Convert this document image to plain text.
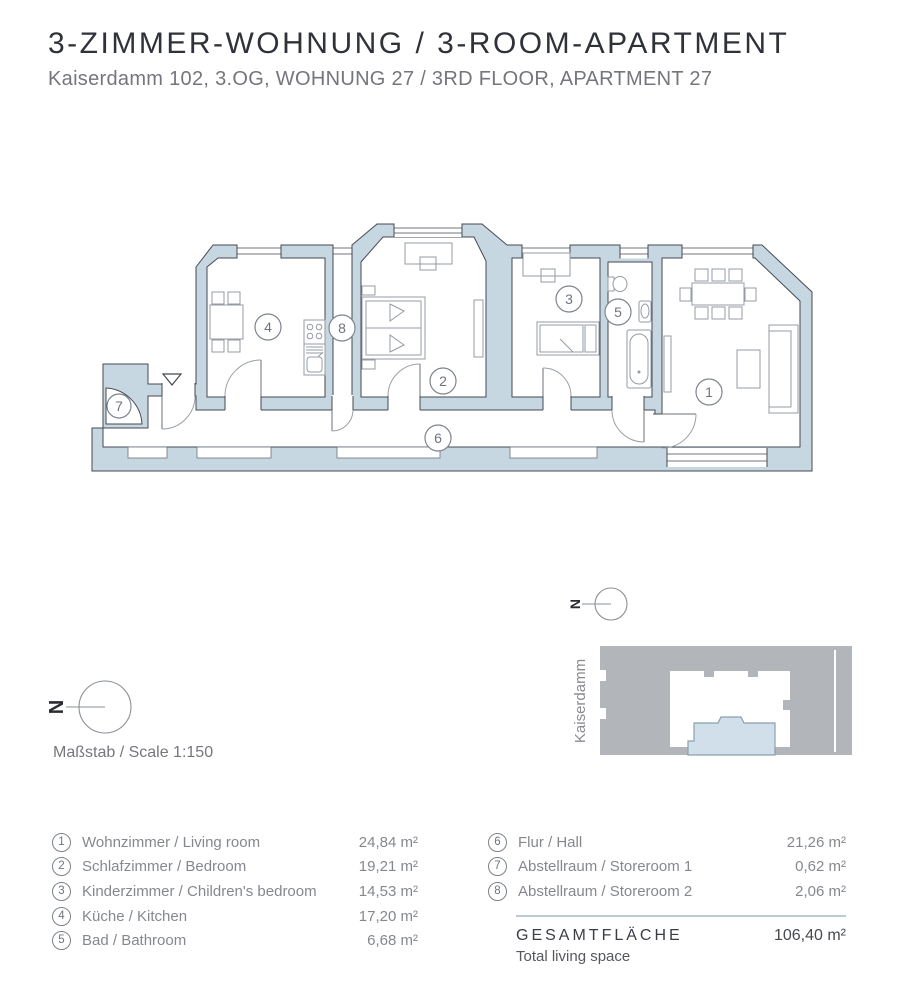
3-ZIMMER-WOHNUNG / 3-ROOM-APARTMENT
Kaiserdamm 102, 3.OG, WOHNUNG 27 / 3RD FLOOR, APARTMENT 27
1
2
3
4
5
6
7
8
N
Maßstab / Scale 1:150
N
Kaiserdamm
1	Wohnzimmer / Living room	24,84 m²
2	Schlafzimmer / Bedroom	19,21 m²
3	Kinderzimmer / Children's bedroom	14,53 m²
4	Küche / Kitchen	17,20 m²
5	Bad / Bathroom	6,68 m²
6	Flur / Hall	21,26 m²
7	Abstellraum / Storeroom 1	0,62 m²
8	Abstellraum / Storeroom 2	2,06 m²
GESAMTFLÄCHE	106,40 m²
Total living space
